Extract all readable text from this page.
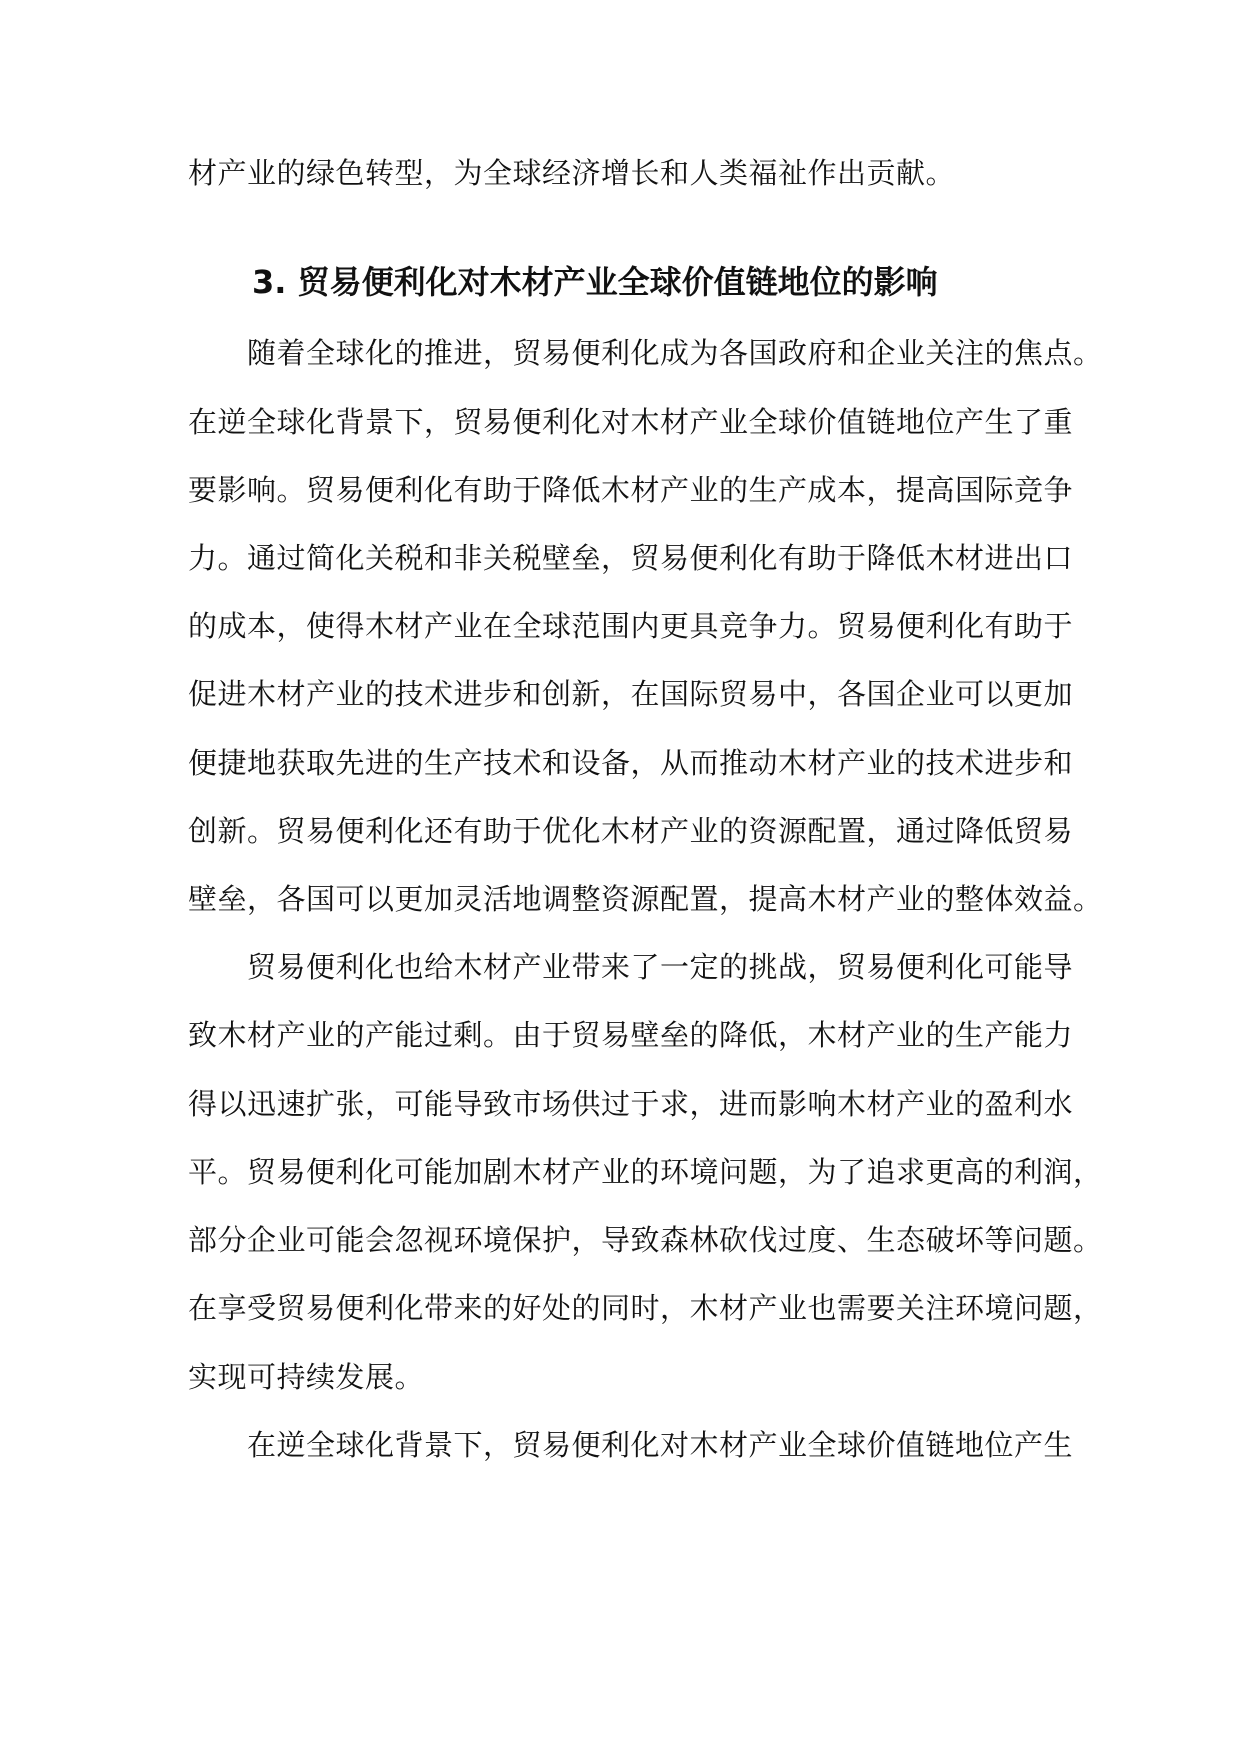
材产业的绿色转型，为全球经济增长和人类福祉作出贡献。
3. 贸易便利化对木材产业全球价值链地位的影响
随着全球化的推进，贸易便利化成为各国政府和企业关注的焦点。
在逆全球化背景下，贸易便利化对木材产业全球价值链地位产生了重
要影响。贸易便利化有助于降低木材产业的生产成本，提高国际竞争
力。通过简化关税和非关税壁垒，贸易便利化有助于降低木材进出口
的成本，使得木材产业在全球范围内更具竞争力。贸易便利化有助于
促进木材产业的技术进步和创新，在国际贸易中，各国企业可以更加
便捷地获取先进的生产技术和设备，从而推动木材产业的技术进步和
创新。贸易便利化还有助于优化木材产业的资源配置，通过降低贸易
壁垒，各国可以更加灵活地调整资源配置，提高木材产业的整体效益。
贸易便利化也给木材产业带来了一定的挑战，贸易便利化可能导
致木材产业的产能过剩。由于贸易壁垒的降低，木材产业的生产能力
得以迅速扩张，可能导致市场供过于求，进而影响木材产业的盈利水
平。贸易便利化可能加剧木材产业的环境问题，为了追求更高的利润，
部分企业可能会忽视环境保护，导致森林砍伐过度、生态破坏等问题。
在享受贸易便利化带来的好处的同时，木材产业也需要关注环境问题，
实现可持续发展。
在逆全球化背景下，贸易便利化对木材产业全球价值链地位产生
